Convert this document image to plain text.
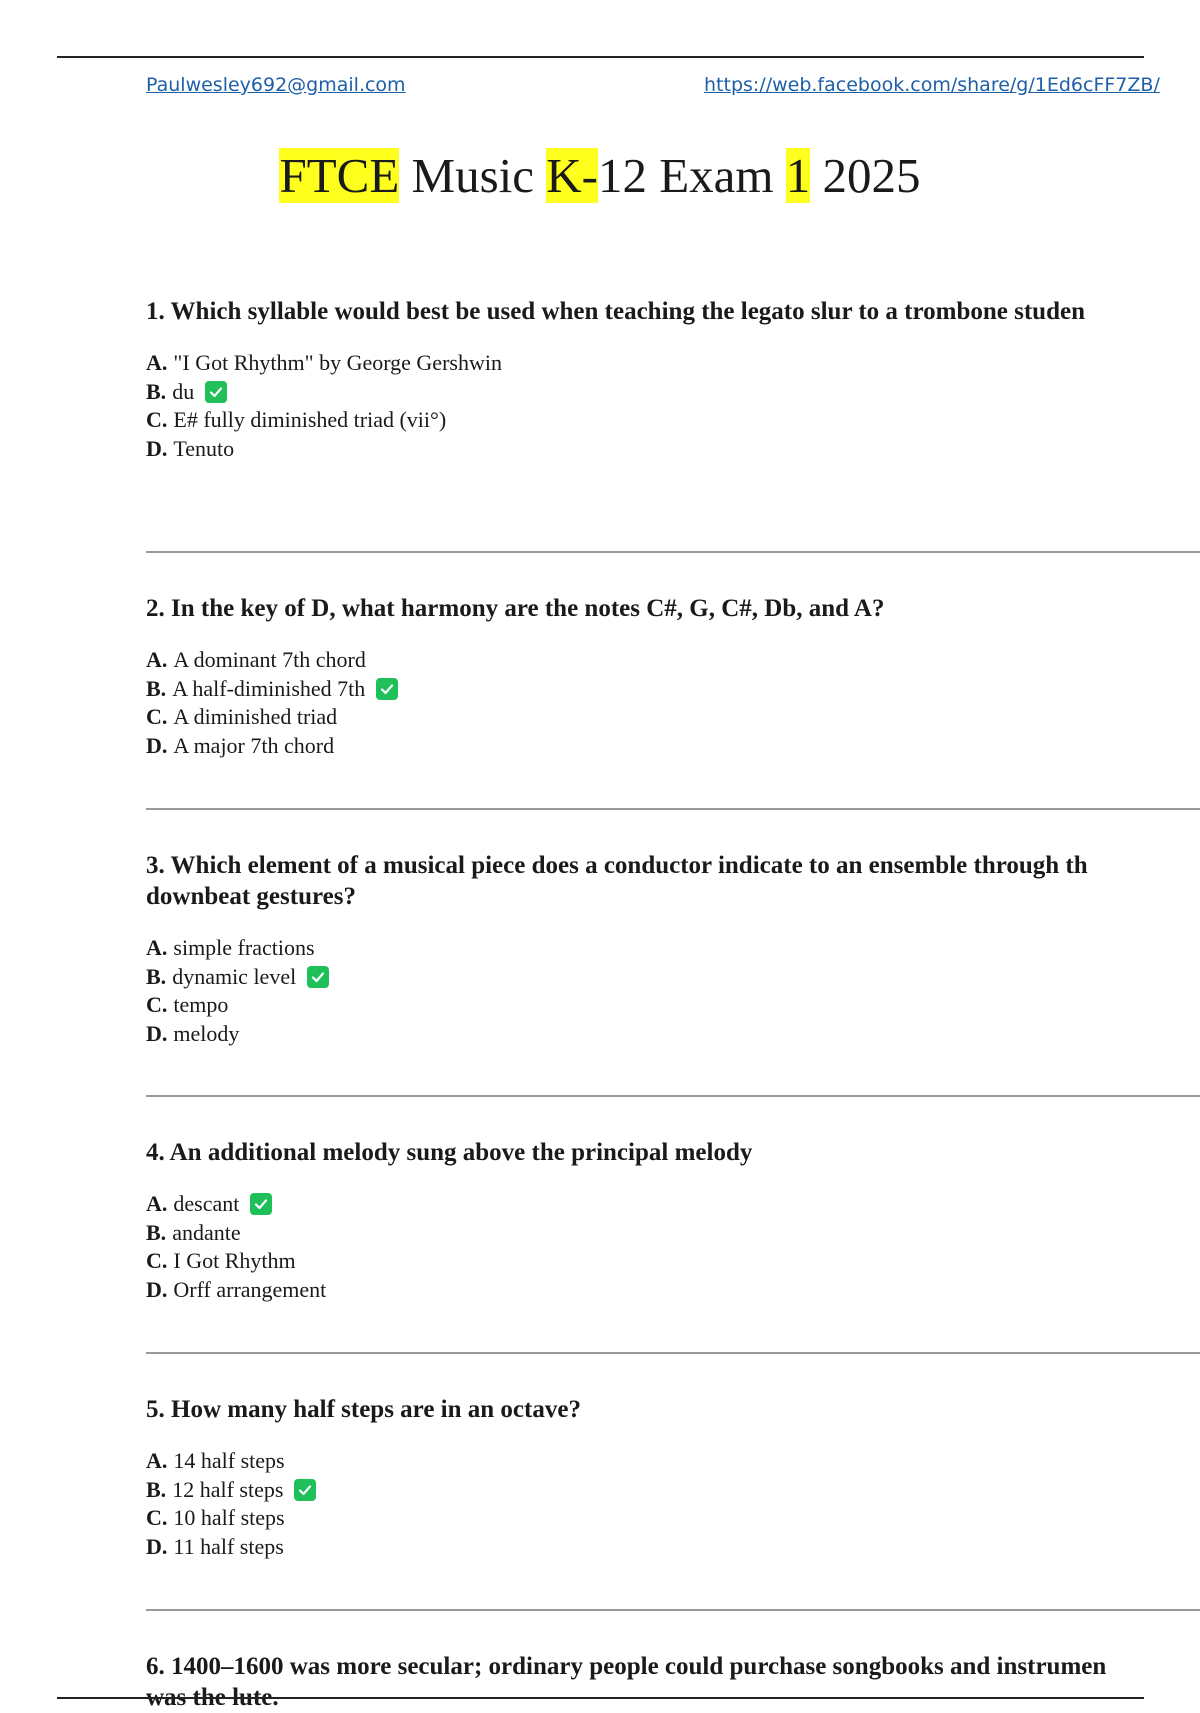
Paulwesley692@gmail.com	https://web.facebook.com/share/g/1Ed6cFF7ZB/
FTCE Music K-12 Exam 1 2025

1. Which syllable would best be used when teaching the legato slur to a trombone studen

A. "I Got Rhythm" by George Gershwin
B. du
C. E# fully diminished triad (vii°)
D. Tenuto

2. In the key of D, what harmony are the notes C#, G, C#, Db, and A?

A. A dominant 7th chord
B. A half-diminished 7th
C. A diminished triad
D. A major 7th chord

3. Which element of a musical piece does a conductor indicate to an ensemble through th

downbeat gestures?

A. simple fractions
B. dynamic level
C. tempo
D. melody

4. An additional melody sung above the principal melody

A. descant
B. andante
C. I Got Rhythm
D. Orff arrangement

5. How many half steps are in an octave?

A. 14 half steps
B. 12 half steps
C. 10 half steps
D. 11 half steps

6. 1400–1600 was more secular; ordinary people could purchase songbooks and instrumen

was the lute.
